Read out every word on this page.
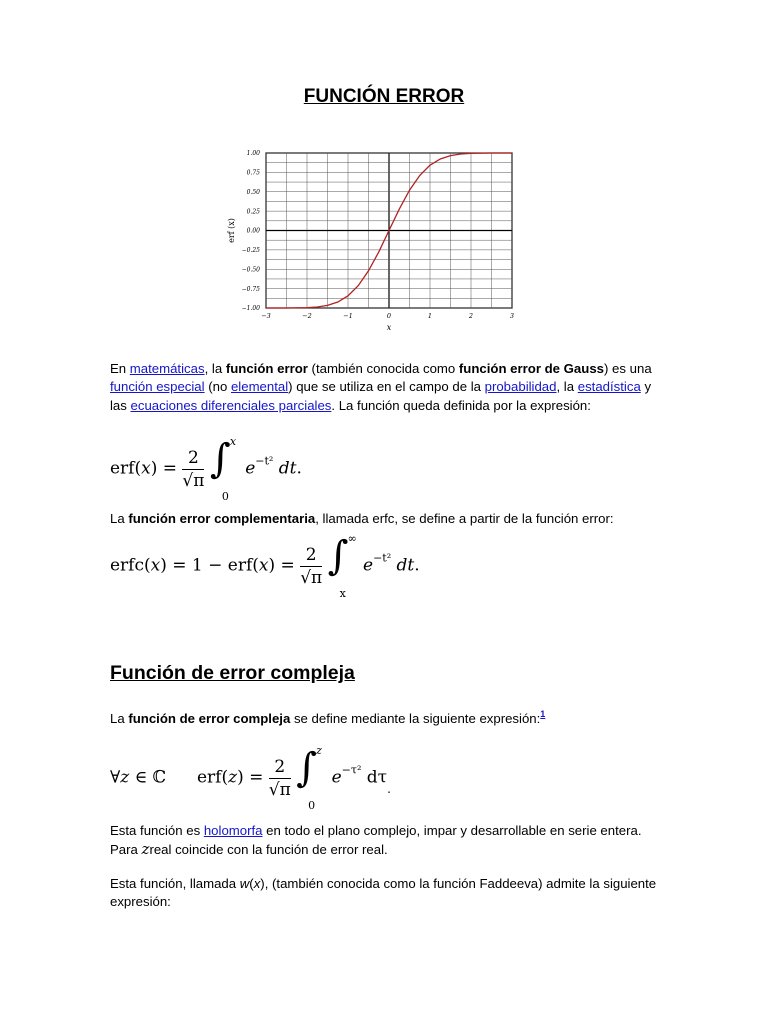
FUNCIÓN ERROR
−3	−2	−1	0	1	2	3
1.00
0.75
0.50
0.25
0.00
−0.25
−0.50
−0.75
−1.00
x
erf (x)
En matemáticas, la función error (también conocida como función error de Gauss) es una función especial (no elemental) que se utiliza en el campo de la probabilidad, la estadística y las ecuaciones diferenciales parciales. La función queda definida por la expresión:
$erf(x) = \frac{2}{√\pi}$
∫ x
0
$e^{-t^2}$ dt.
La función error complementaria, llamada erfc, se define a partir de la función error:
erfc(x) = $1 - erf(x) = \frac{2}{√\pi}$
∫ ∞
x
$e^{-t^2}$ dt.
Función de error compleja
La función de error compleja se define mediante la siguiente expresión:$^1$
∀z ∈ ℂ $erf(z) = \frac{2}{√\pi}$
∫ z
0
$e^{-\tau^2}$ $d\tau_.$
Esta función es holomorfa en todo el plano complejo, impar y desarrollable en serie entera. Para zreal coincide con la función de error real.
Esta función, llamada w(x), (también conocida como la función Faddeeva) admite la siguiente expresión:
